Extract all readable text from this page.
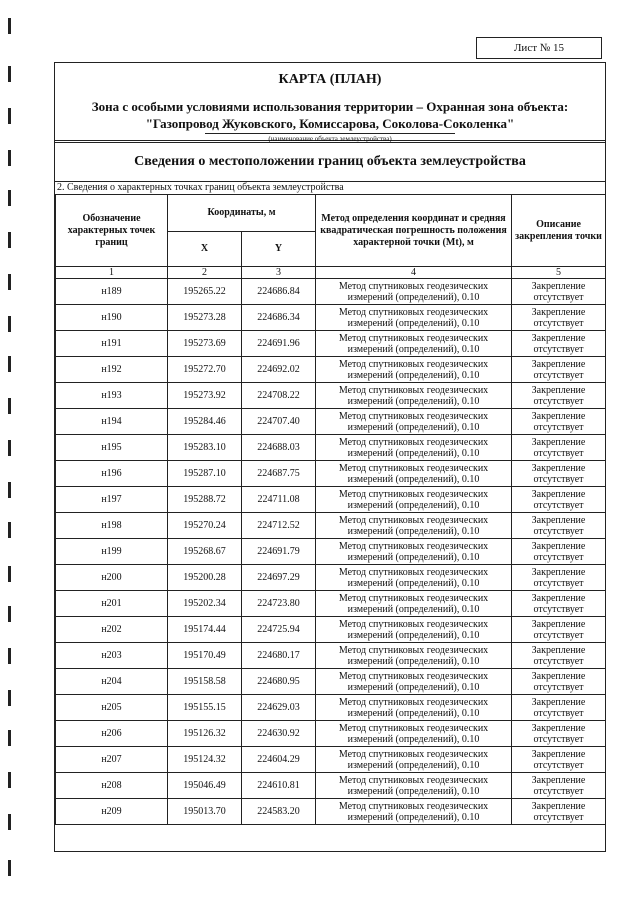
Лист № 15
КАРТА (ПЛАН)
Зона с особыми условиями использования территории – Охранная зона объекта:
"Газопровод Жуковского, Комиссарова, Соколова-Соколенка"
(наименование объекта землеустройства)
Сведения о местоположении границ объекта землеустройства
2. Сведения о характерных точках границ объекта землеустройства
Обозначение характерных точек границ	Координаты, м		Метод определения координат и средняя квадратическая погрешность положения характерной точки (Mt), м	Описание закрепления точки
	X	Y		
1	2	3	4	5
н189	195265.22	224686.84	Метод спутниковых геодезических измерений (определений), 0.10	Закрепление отсутствует
н190	195273.28	224686.34	Метод спутниковых геодезических измерений (определений), 0.10	Закрепление отсутствует
н191	195273.69	224691.96	Метод спутниковых геодезических измерений (определений), 0.10	Закрепление отсутствует
н192	195272.70	224692.02	Метод спутниковых геодезических измерений (определений), 0.10	Закрепление отсутствует
н193	195273.92	224708.22	Метод спутниковых геодезических измерений (определений), 0.10	Закрепление отсутствует
н194	195284.46	224707.40	Метод спутниковых геодезических измерений (определений), 0.10	Закрепление отсутствует
н195	195283.10	224688.03	Метод спутниковых геодезических измерений (определений), 0.10	Закрепление отсутствует
н196	195287.10	224687.75	Метод спутниковых геодезических измерений (определений), 0.10	Закрепление отсутствует
н197	195288.72	224711.08	Метод спутниковых геодезических измерений (определений), 0.10	Закрепление отсутствует
н198	195270.24	224712.52	Метод спутниковых геодезических измерений (определений), 0.10	Закрепление отсутствует
н199	195268.67	224691.79	Метод спутниковых геодезических измерений (определений), 0.10	Закрепление отсутствует
н200	195200.28	224697.29	Метод спутниковых геодезических измерений (определений), 0.10	Закрепление отсутствует
н201	195202.34	224723.80	Метод спутниковых геодезических измерений (определений), 0.10	Закрепление отсутствует
н202	195174.44	224725.94	Метод спутниковых геодезических измерений (определений), 0.10	Закрепление отсутствует
н203	195170.49	224680.17	Метод спутниковых геодезических измерений (определений), 0.10	Закрепление отсутствует
н204	195158.58	224680.95	Метод спутниковых геодезических измерений (определений), 0.10	Закрепление отсутствует
н205	195155.15	224629.03	Метод спутниковых геодезических измерений (определений), 0.10	Закрепление отсутствует
н206	195126.32	224630.92	Метод спутниковых геодезических измерений (определений), 0.10	Закрепление отсутствует
н207	195124.32	224604.29	Метод спутниковых геодезических измерений (определений), 0.10	Закрепление отсутствует
н208	195046.49	224610.81	Метод спутниковых геодезических измерений (определений), 0.10	Закрепление отсутствует
н209	195013.70	224583.20	Метод спутниковых геодезических измерений (определений), 0.10	Закрепление отсутствует
